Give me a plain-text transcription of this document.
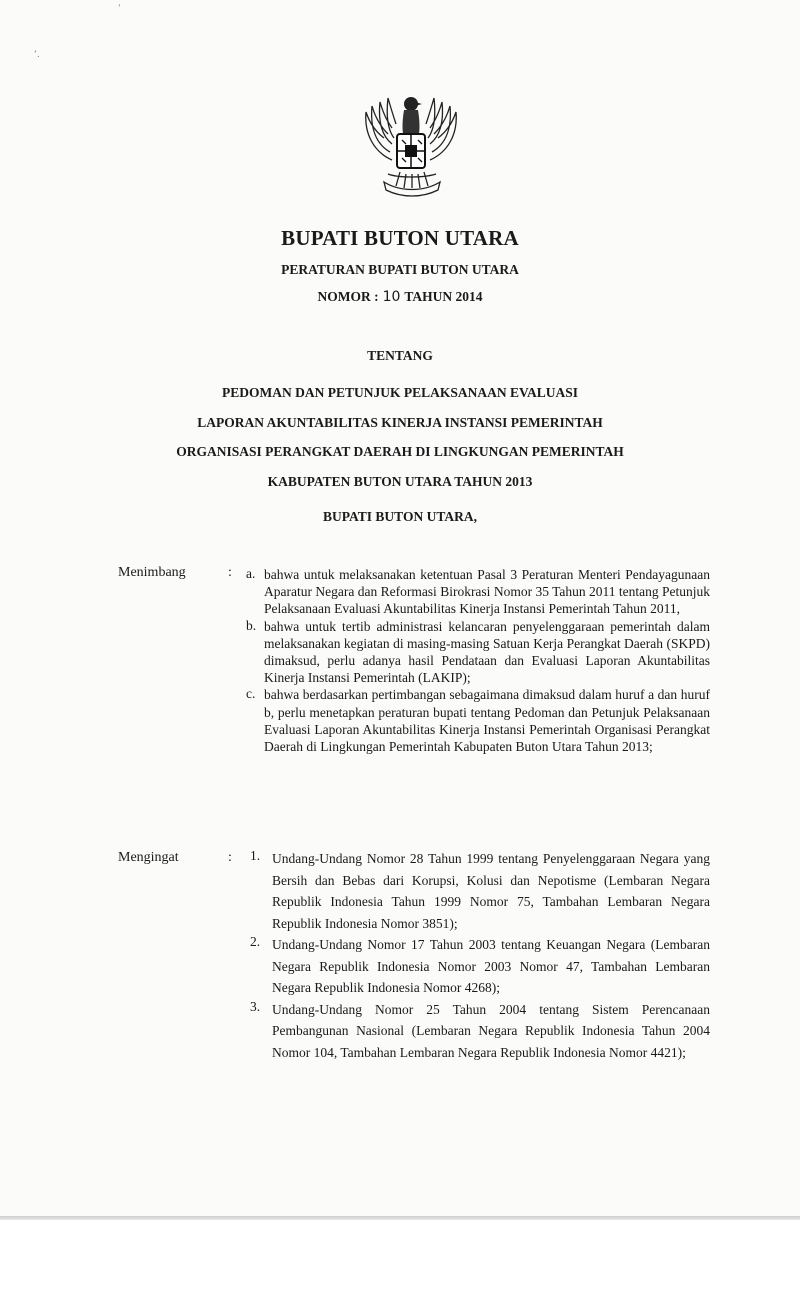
ˈ
ʻ.
BUPATI BUTON UTARA
PERATURAN BUPATI BUTON UTARA
NOMOR : 10 TAHUN 2014
TENTANG
PEDOMAN DAN PETUNJUK PELAKSANAAN EVALUASI
LAPORAN AKUNTABILITAS KINERJA INSTANSI PEMERINTAH
ORGANISASI PERANGKAT DAERAH DI LINGKUNGAN PEMERINTAH
KABUPATEN BUTON UTARA TAHUN 2013
BUPATI BUTON UTARA,
Menimbang	: a. bahwa untuk melaksanakan ketentuan Pasal 3 Peraturan Menteri Pendayagunaan Aparatur Negara dan Reformasi Birokrasi Nomor 35 Tahun 2011 tentang Petunjuk Pelaksanaan Evaluasi Akuntabilitas Kinerja Instansi Pemerintah Tahun 2011,
b. bahwa untuk tertib administrasi kelancaran penyelenggaraan pemerintah dalam melaksanakan kegiatan di masing-masing Satuan Kerja Perangkat Daerah (SKPD) dimaksud, perlu adanya hasil Pendataan dan Evaluasi Laporan Akuntabilitas Kinerja Instansi Pemerintah (LAKIP);
c. bahwa berdasarkan pertimbangan sebagaimana dimaksud dalam huruf a dan huruf b, perlu menetapkan peraturan bupati tentang Pedoman dan Petunjuk Pelaksanaan Evaluasi Laporan Akuntabilitas Kinerja Instansi Pemerintah Organisasi Perangkat Daerah di Lingkungan Pemerintah Kabupaten Buton Utara Tahun 2013;
Mengingat	: 1. Undang-Undang Nomor 28 Tahun 1999 tentang Penyelenggaraan Negara yang Bersih dan Bebas dari Korupsi, Kolusi dan Nepotisme (Lembaran Negara Republik Indonesia Tahun 1999 Nomor 75, Tambahan Lembaran Negara Republik Indonesia Nomor 3851);
2. Undang-Undang Nomor 17 Tahun 2003 tentang Keuangan Negara (Lembaran Negara Republik Indonesia Nomor 2003 Nomor 47, Tambahan Lembaran Negara Republik Indonesia Nomor 4268);
3. Undang-Undang Nomor 25 Tahun 2004 tentang Sistem Perencanaan Pembangunan Nasional (Lembaran Negara Republik Indonesia Tahun 2004 Nomor 104, Tambahan Lembaran Negara Republik Indonesia Nomor 4421);
